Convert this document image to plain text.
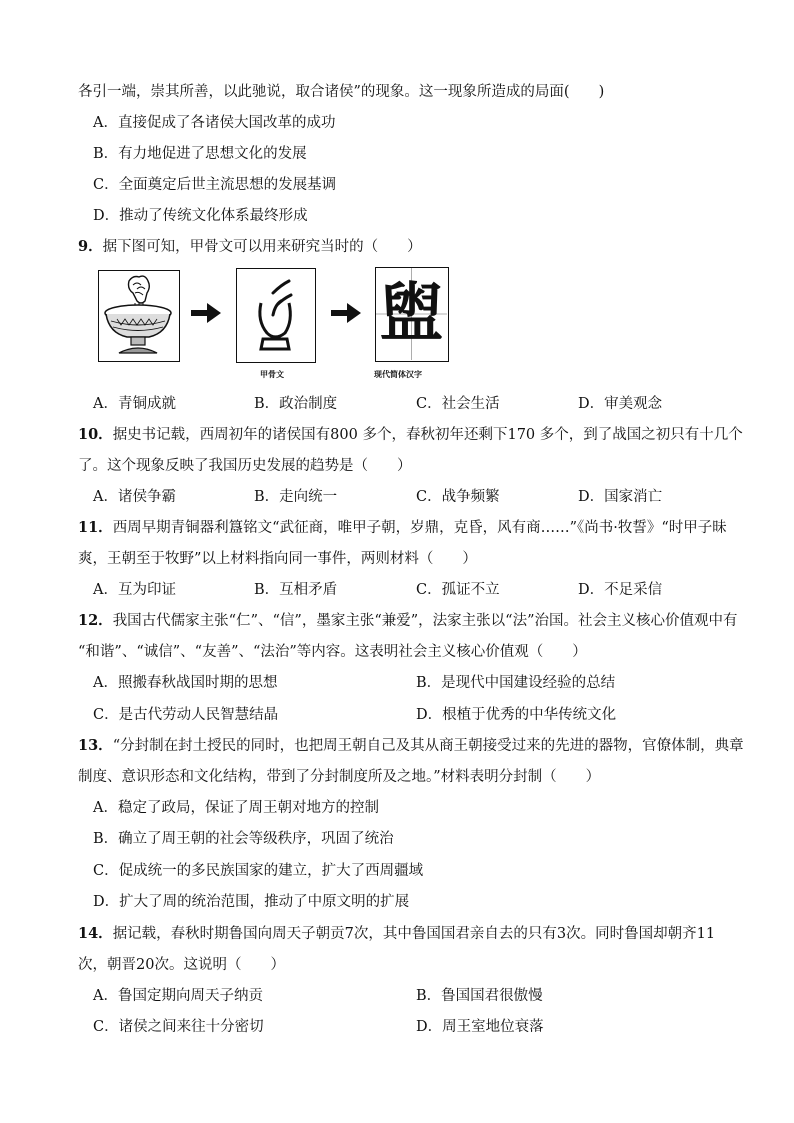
各引一端，崇其所善，以此驰说，取合诸侯”的现象。这一现象所造成的局面(　　)
A．直接促成了各诸侯大国改革的成功
B．有力地促进了思想文化的发展
C．全面奠定后世主流思想的发展基调
D．推动了传统文化体系最终形成
9．据下图可知，甲骨文可以用来研究当时的（　　）
甲骨文
盥
现代简体汉字
A．青铜成就	B．政治制度	C．社会生活	D．审美观念
10．据史书记载，西周初年的诸侯国有800 多个，春秋初年还剩下170 多个，到了战国之初只有十几个
了。这个现象反映了我国历史发展的趋势是（　　）
A．诸侯争霸	B．走向统一	C．战争频繁	D．国家消亡
11．西周早期青铜器利簋铭文“武征商，唯甲子朝，岁鼎，克昏，风有商……”《尚书·牧誓》“时甲子昧
爽，王朝至于牧野”以上材料指向同一事件，两则材料（　　）
A．互为印证	B．互相矛盾	C．孤证不立	D．不足采信
12．我国古代儒家主张“仁”、“信”，墨家主张“兼爱”，法家主张以“法”治国。社会主义核心价值观中有
“和谐”、“诚信”、“友善”、“法治”等内容。这表明社会主义核心价值观（　　）
A．照搬春秋战国时期的思想	B．是现代中国建设经验的总结
C．是古代劳动人民智慧结晶	D．根植于优秀的中华传统文化
13．“分封制在封土授民的同时，也把周王朝自己及其从商王朝接受过来的先进的器物，官僚体制，典章
制度、意识形态和文化结构，带到了分封制度所及之地。”材料表明分封制（　　）
A．稳定了政局，保证了周王朝对地方的控制
B．确立了周王朝的社会等级秩序，巩固了统治
C．促成统一的多民族国家的建立，扩大了西周疆域
D．扩大了周的统治范围，推动了中原文明的扩展
14．据记载，春秋时期鲁国向周天子朝贡7次，其中鲁国国君亲自去的只有3次。同时鲁国却朝齐11
次，朝晋20次。这说明（　　）
A．鲁国定期向周天子纳贡	B．鲁国国君很傲慢
C．诸侯之间来往十分密切	D．周王室地位衰落
